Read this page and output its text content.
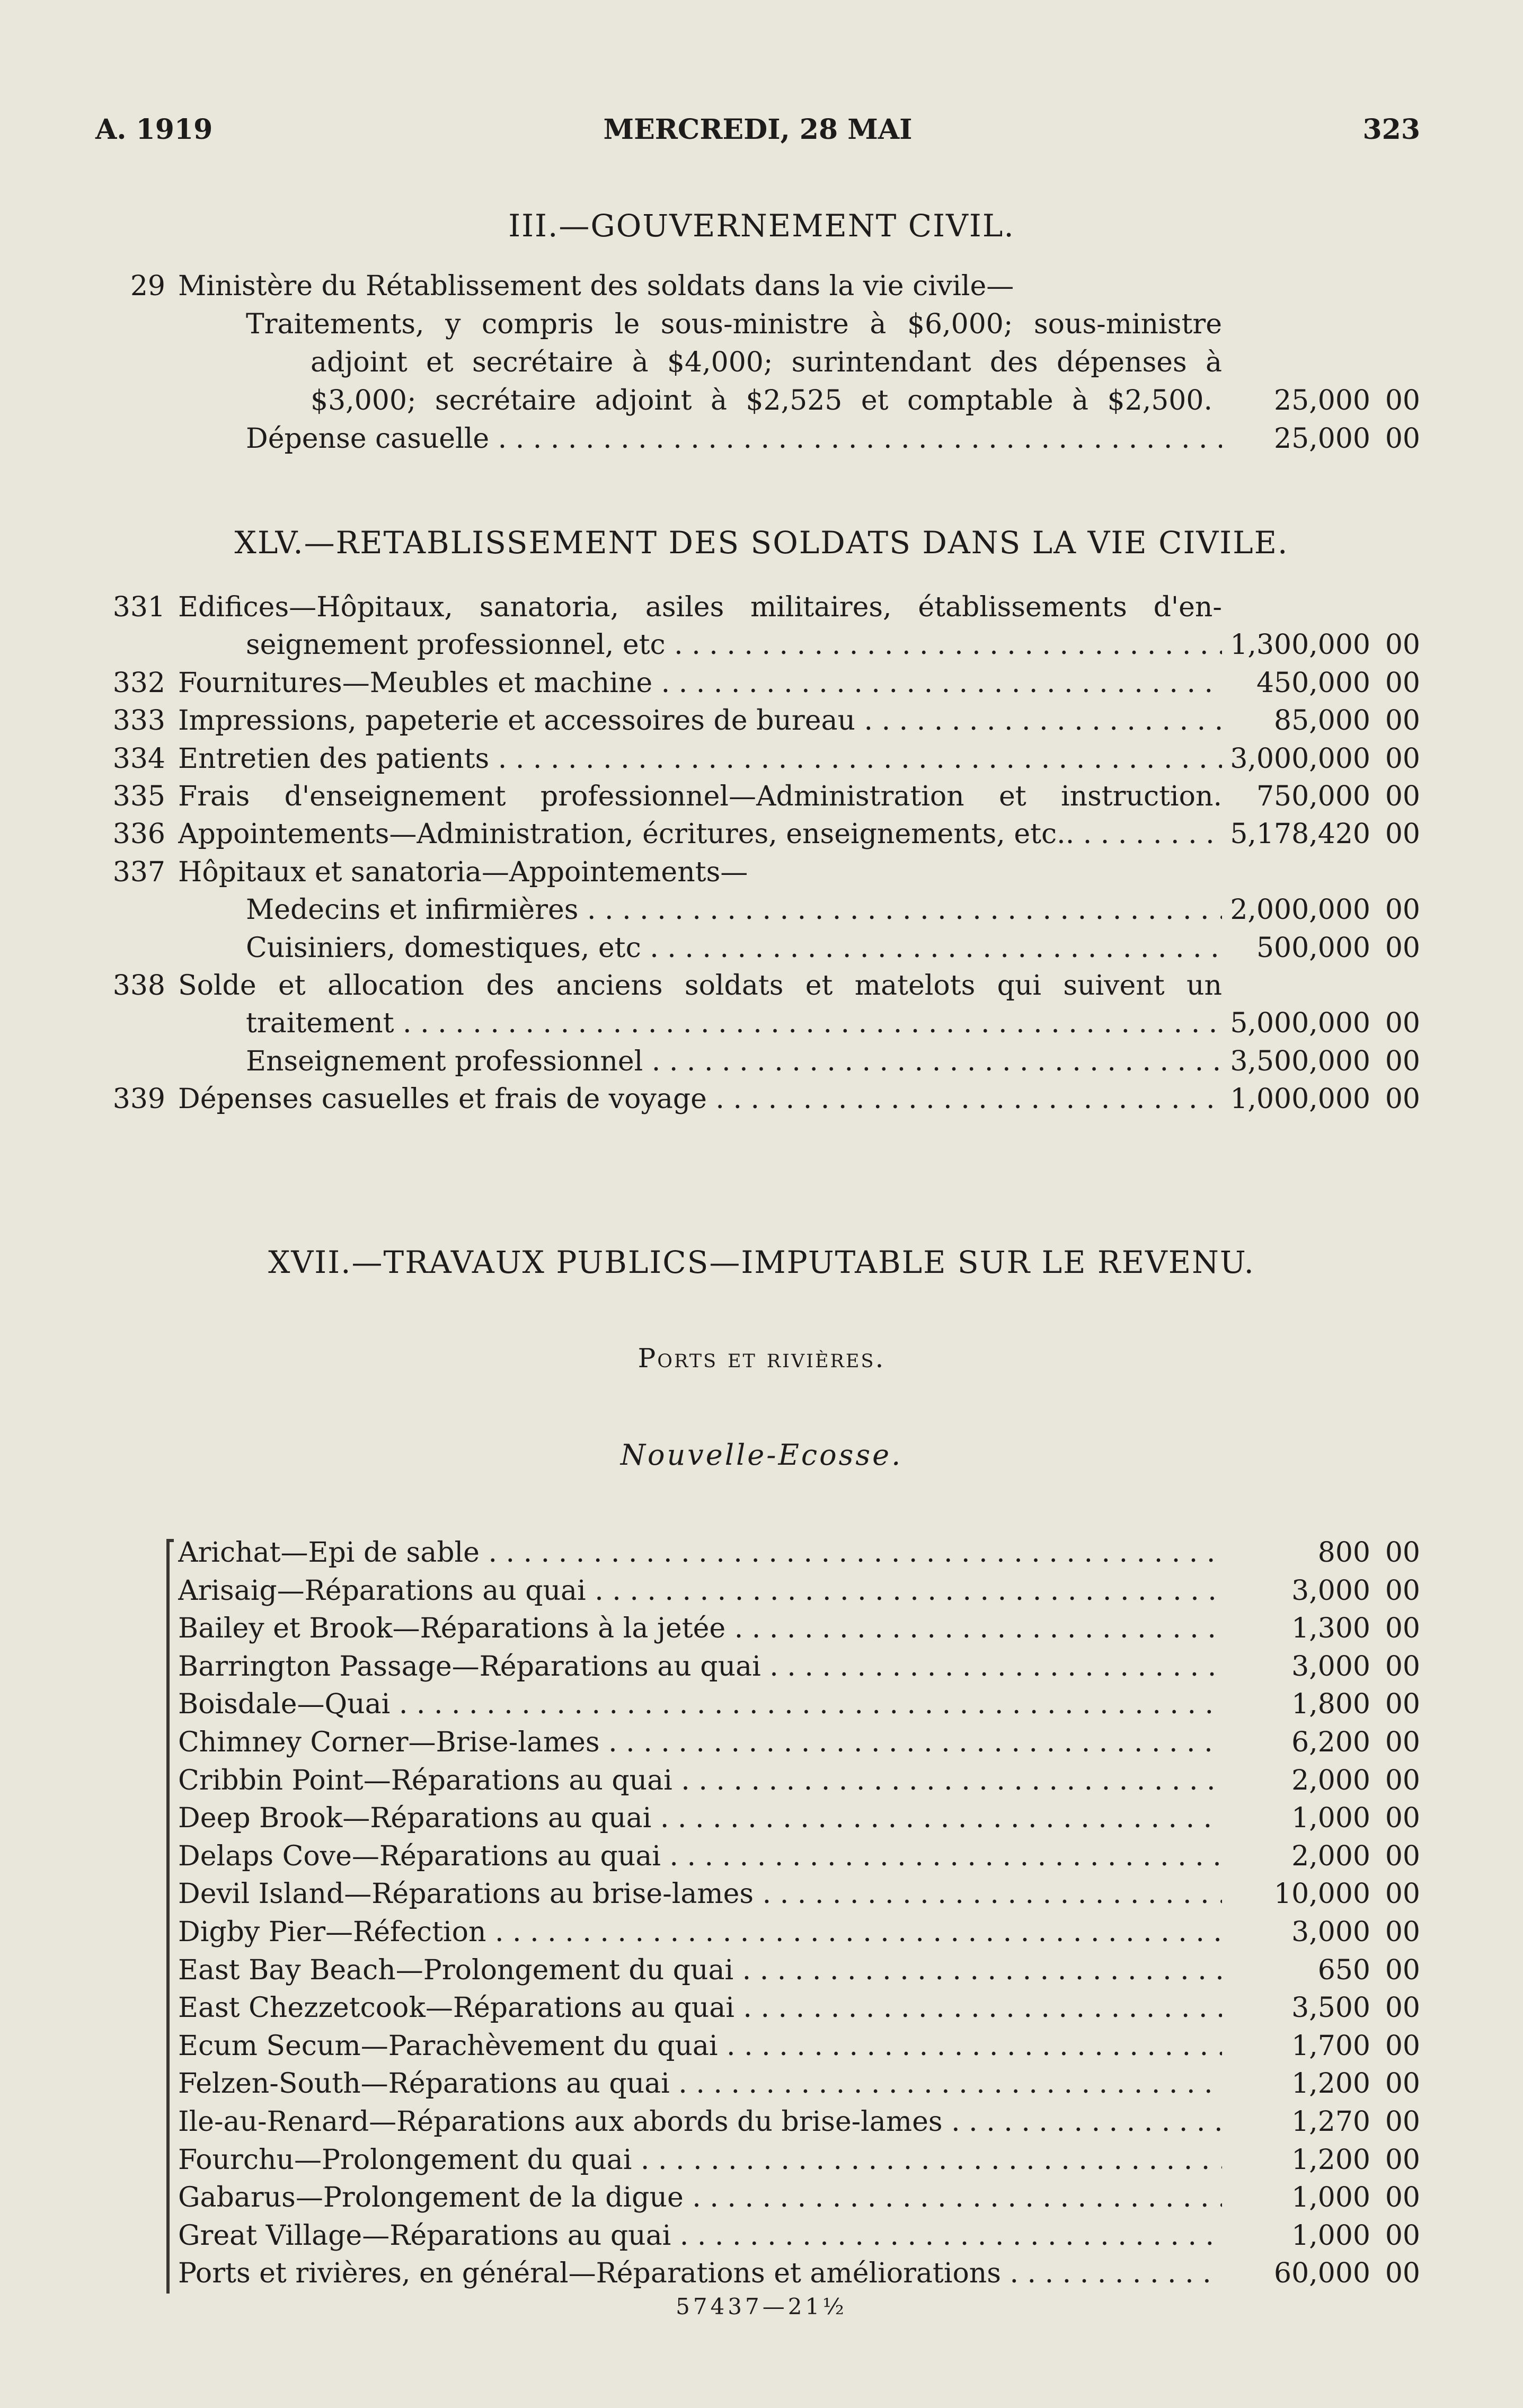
A. 1919	MERCREDI, 28 MAI	323
III.—GOUVERNEMENT CIVIL.
29 Ministère du Rétablissement des soldats dans la vie civile—
Traitements, y compris le sous-ministre à $6,000; sous-ministre
adjoint et secrétaire à $4,000; surintendant des dépenses à
$3,000; secrétaire adjoint à $2,525 et comptable à $2,500.	25,000 00
Dépense casuelle . . .	25,000 00
XLV.—RETABLISSEMENT DES SOLDATS DANS LA VIE CIVILE.
331 Edifices—Hôpitaux, sanatoria, asiles militaires, établissements d'en-
seignement professionnel, etc . . .	1,300,000 00
332 Fournitures—Meubles et machine . . .	450,000 00
333 Impressions, papeterie et accessoires de bureau . . .	85,000 00
334 Entretien des patients . . .	3,000,000 00
335 Frais d'enseignement professionnel—Administration et instruction.	750,000 00
336 Appointements—Administration, écritures, enseignements, etc.. . . .	5,178,420 00
337 Hôpitaux et sanatoria—Appointements—
Medecins et infirmières . . .	2,000,000 00
Cuisiniers, domestiques, etc . . .	500,000 00
338 Solde et allocation des anciens soldats et matelots qui suivent un
traitement . . .	5,000,000 00
Enseignement professionnel . . .	3,500,000 00
339 Dépenses casuelles et frais de voyage . . .	1,000,000 00
XVII.—TRAVAUX PUBLICS—IMPUTABLE SUR LE REVENU.
Ports et rivières.
Nouvelle-Ecosse.
Arichat—Epi de sable . . .	800 00
Arisaig—Réparations au quai . . .	3,000 00
Bailey et Brook—Réparations à la jetée . . .	1,300 00
Barrington Passage—Réparations au quai . . .	3,000 00
Boisdale—Quai . . .	1,800 00
Chimney Corner—Brise-lames . . .	6,200 00
Cribbin Point—Réparations au quai . . .	2,000 00
Deep Brook—Réparations au quai . . .	1,000 00
Delaps Cove—Réparations au quai . . .	2,000 00
Devil Island—Réparations au brise-lames . . .	10,000 00
Digby Pier—Réfection . . .	3,000 00
East Bay Beach—Prolongement du quai . . .	650 00
East Chezzetcook—Réparations au quai . . .	3,500 00
Ecum Secum—Parachèvement du quai . . .	1,700 00
Felzen-South—Réparations au quai . . .	1,200 00
Ile-au-Renard—Réparations aux abords du brise-lames . . .	1,270 00
Fourchu—Prolongement du quai . . .	1,200 00
Gabarus—Prolongement de la digue . . .	1,000 00
Great Village—Réparations au quai . . .	1,000 00
Ports et rivières, en général—Réparations et améliorations . . .	60,000 00
57437—21½
